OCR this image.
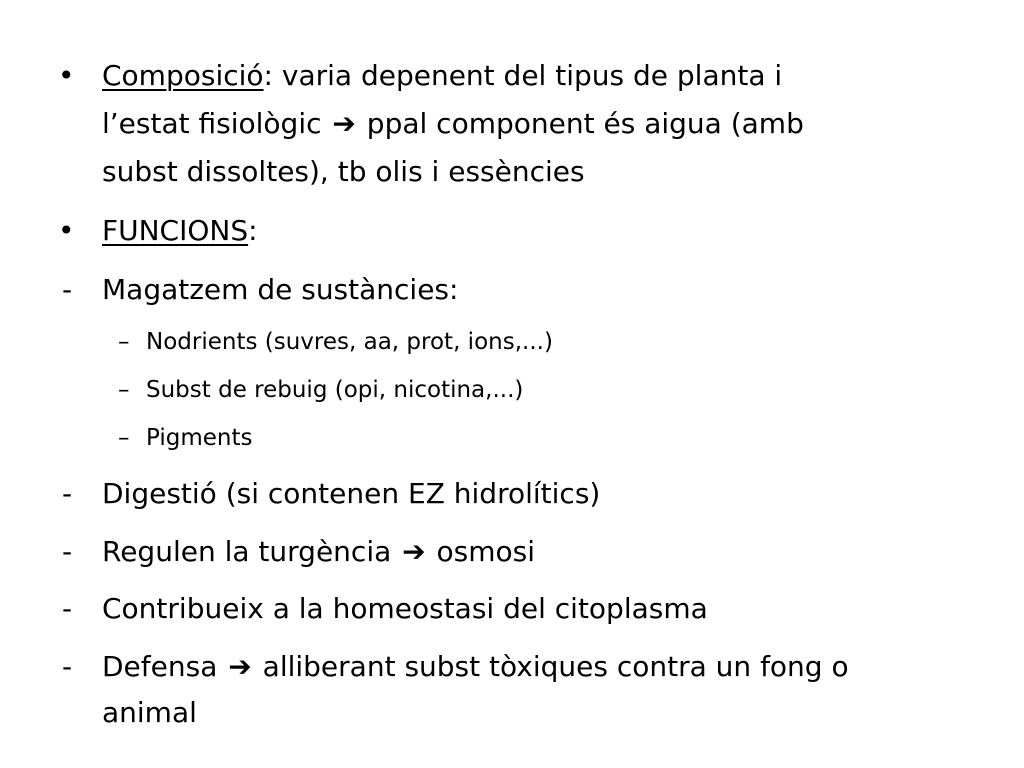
• Composició: varia depenent del tipus de planta i
l’estat fisiològic ➔ ppal component és aigua (amb
subst dissoltes), tb olis i essències
• FUNCIONS:
-	Magatzem de sustàncies:
– Nodrients (suvres, aa, prot, ions,...)
– Subst de rebuig (opi, nicotina,...)
– Pigments
-	Digestió (si contenen EZ hidrolítics)
-	Regulen la turgència ➔ osmosi
-	Contribueix a la homeostasi del citoplasma
-	Defensa ➔ alliberant subst tòxiques contra un fong o
animal
